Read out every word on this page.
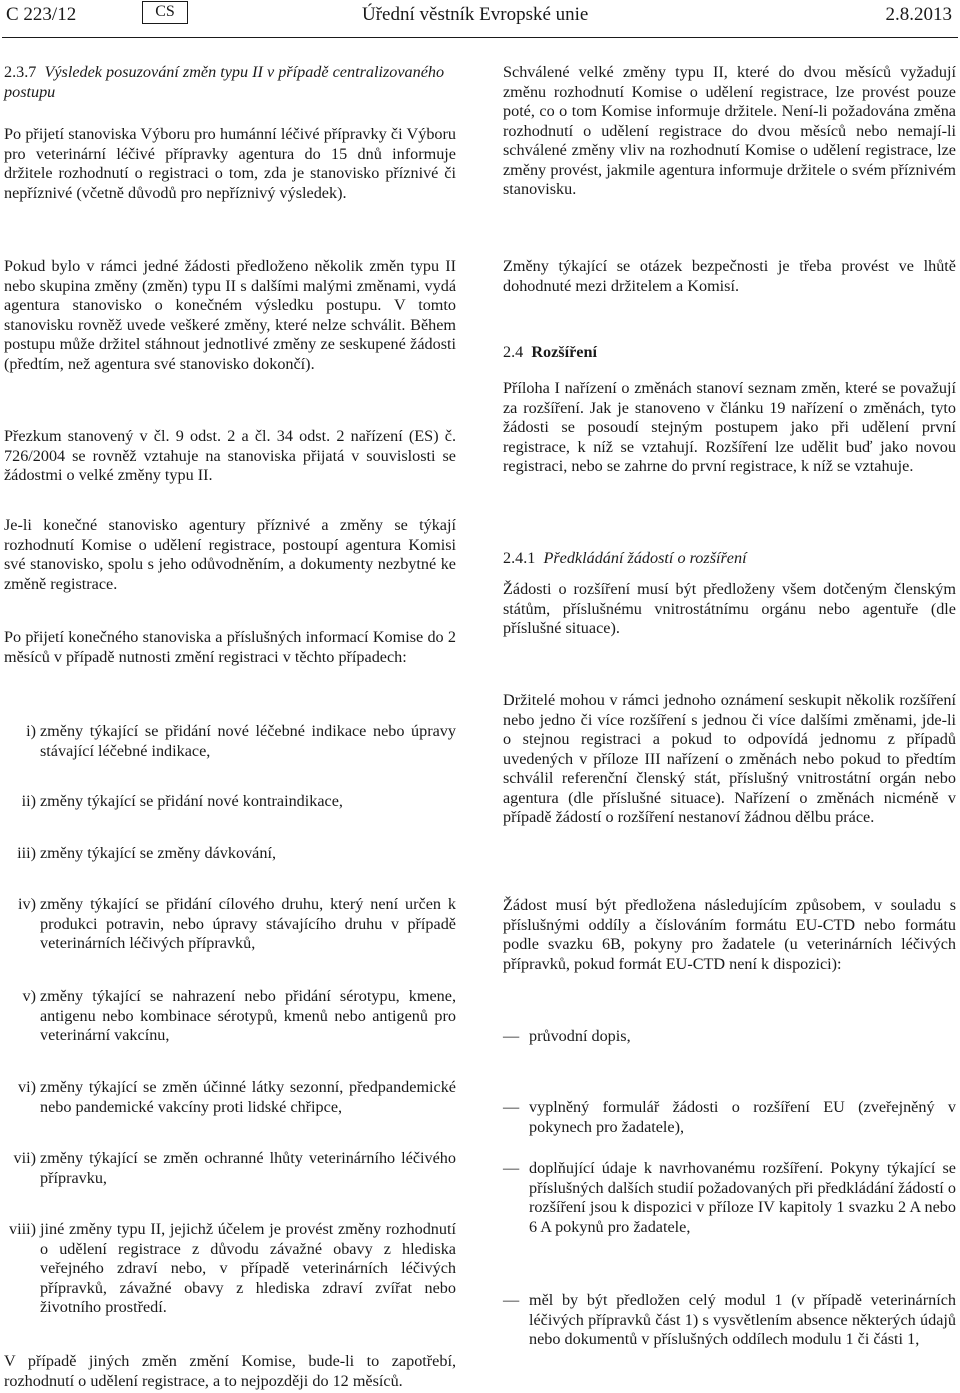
C 223/12	CS	Úřední věstník Evropské unie	2.8.2013

2.3.7 Výsledek posuzování změn typu II v případě centralizovaného postupu

Po přijetí stanoviska Výboru pro humánní léčivé přípravky či Výboru pro veterinární léčivé přípravky agentura do 15 dnů informuje držitele rozhodnutí o registraci o tom, zda je stanovisko příznivé či nepříznivé (včetně důvodů pro nepříznivý výsledek).

Pokud bylo v rámci jedné žádosti předloženo několik změn typu II nebo skupina změny (změn) typu II s dalšími malými změnami, vydá agentura stanovisko o konečném výsledku postupu. V tomto stanovisku rovněž uvede veškeré změny, které nelze schválit. Během postupu může držitel stáhnout jednotlivé změny ze seskupené žádosti (předtím, než agentura své stanovisko dokončí).

Přezkum stanovený v čl. 9 odst. 2 a čl. 34 odst. 2 nařízení (ES) č. 726/2004 se rovněž vztahuje na stanoviska přijatá v souvislosti se žádostmi o velké změny typu II.

Je-li konečné stanovisko agentury příznivé a změny se týkají rozhodnutí Komise o udělení registrace, postoupí agentura Komisi své stanovisko, spolu s jeho odůvodněním, a dokumenty nezbytné ke změně registrace.

Po přijetí konečného stanoviska a příslušných informací Komise do 2 měsíců v případě nutnosti změní registraci v těchto případech:

i) změny týkající se přidání nové léčebné indikace nebo úpravy stávající léčebné indikace,
ii) změny týkající se přidání nové kontraindikace,
iii) změny týkající se změny dávkování,
iv) změny týkající se přidání cílového druhu, který není určen k produkci potravin, nebo úpravy stávajícího druhu v případě veterinárních léčivých přípravků,
v) změny týkající se nahrazení nebo přidání sérotypu, kmene, antigenu nebo kombinace sérotypů, kmenů nebo antigenů pro veterinární vakcínu,
vi) změny týkající se změn účinné látky sezonní, předpandemické nebo pandemické vakcíny proti lidské chřipce,
vii) změny týkající se změn ochranné lhůty veterinárního léčivého přípravku,
viii) jiné změny typu II, jejichž účelem je provést změny rozhodnutí o udělení registrace z důvodu závažné obavy z hlediska veřejného zdraví nebo, v případě veterinárních léčivých přípravků, závažné obavy z hlediska zdraví zvířat nebo životního prostředí.

V případě jiných změn změní Komise, bude-li to zapotřebí, rozhodnutí o udělení registrace, a to nejpozději do 12 měsíců.

Schválené velké změny typu II, které do dvou měsíců vyžadují změnu rozhodnutí Komise o udělení registrace, lze provést pouze poté, co o tom Komise informuje držitele. Není-li požadována změna rozhodnutí o udělení registrace do dvou měsíců nebo nemají-li schválené změny vliv na rozhodnutí Komise o udělení registrace, lze změny provést, jakmile agentura informuje držitele o svém příznivém stanovisku.

Změny týkající se otázek bezpečnosti je třeba provést ve lhůtě dohodnuté mezi držitelem a Komisí.

2.4 Rozšíření

Příloha I nařízení o změnách stanoví seznam změn, které se považují za rozšíření. Jak je stanoveno v článku 19 nařízení o změnách, tyto žádosti se posoudí stejným postupem jako při udělení první registrace, k níž se vztahují. Rozšíření lze udělit buď jako novou registraci, nebo se zahrne do první registrace, k níž se vztahuje.

2.4.1 Předkládání žádostí o rozšíření

Žádosti o rozšíření musí být předloženy všem dotčeným členským státům, příslušnému vnitrostátnímu orgánu nebo agentuře (dle příslušné situace).

Držitelé mohou v rámci jednoho oznámení seskupit několik rozšíření nebo jedno či více rozšíření s jednou či více dalšími změnami, jde-li o stejnou registraci a pokud to odpovídá jednomu z případů uvedených v příloze III nařízení o změnách nebo pokud to předtím schválil referenční členský stát, příslušný vnitrostátní orgán nebo agentura (dle příslušné situace). Nařízení o změnách nicméně v případě žádostí o rozšíření nestanoví žádnou dělbu práce.

Žádost musí být předložena následujícím způsobem, v souladu s příslušnými oddíly a číslováním formátu EU-CTD nebo formátu podle svazku 6B, pokyny pro žadatele (u veterinárních léčivých přípravků, pokud formát EU-CTD není k dispozici):

— průvodní dopis,
— vyplněný formulář žádosti o rozšíření EU (zveřejněný v pokynech pro žadatele),
— doplňující údaje k navrhovanému rozšíření. Pokyny týkající se příslušných dalších studií požadovaných při předkládání žádostí o rozšíření jsou k dispozici v příloze IV kapitoly 1 svazku 2 A nebo 6 A pokynů pro žadatele,
— měl by být předložen celý modul 1 (v případě veterinárních léčivých přípravků část 1) s vysvětlením absence některých údajů nebo dokumentů v příslušných oddílech modulu 1 či části 1,
